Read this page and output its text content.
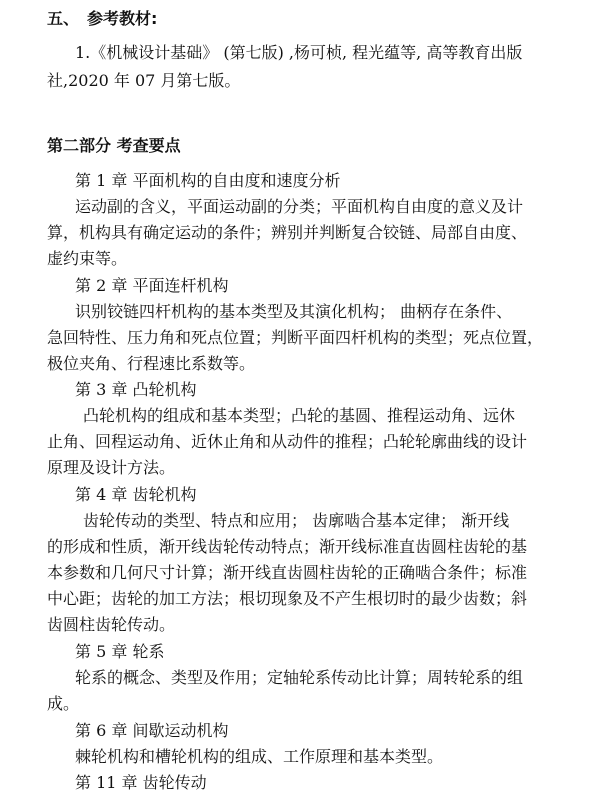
五、　参考教材:
1.《机械设计基础》 (第七版) ,杨可桢, 程光蕴等, 高等教育出版
社,2020 年 07 月第七版。
第二部分 考查要点
第 1 章 平面机构的自由度和速度分析
运动副的含义，平面运动副的分类；平面机构自由度的意义及计
算，机构具有确定运动的条件；辨别并判断复合铰链、局部自由度、
虚约束等。
第 2 章 平面连杆机构
识别铰链四杆机构的基本类型及其演化机构； 曲柄存在条件、
急回特性、压力角和死点位置；判断平面四杆机构的类型；死点位置，
极位夹角、行程速比系数等。
第 3 章 凸轮机构
凸轮机构的组成和基本类型；凸轮的基圆、推程运动角、远休
止角、回程运动角、近休止角和从动件的推程；凸轮轮廓曲线的设计
原理及设计方法。
第 4 章 齿轮机构
齿轮传动的类型、特点和应用； 齿廓啮合基本定律； 渐开线
的形成和性质，渐开线齿轮传动特点；渐开线标准直齿圆柱齿轮的基
本参数和几何尺寸计算；渐开线直齿圆柱齿轮的正确啮合条件；标准
中心距；齿轮的加工方法；根切现象及不产生根切时的最少齿数；斜
齿圆柱齿轮传动。
第 5 章 轮系
轮系的概念、类型及作用；定轴轮系传动比计算；周转轮系的组
成。
第 6 章 间歇运动机构
棘轮机构和槽轮机构的组成、工作原理和基本类型。
第 11 章 齿轮传动
